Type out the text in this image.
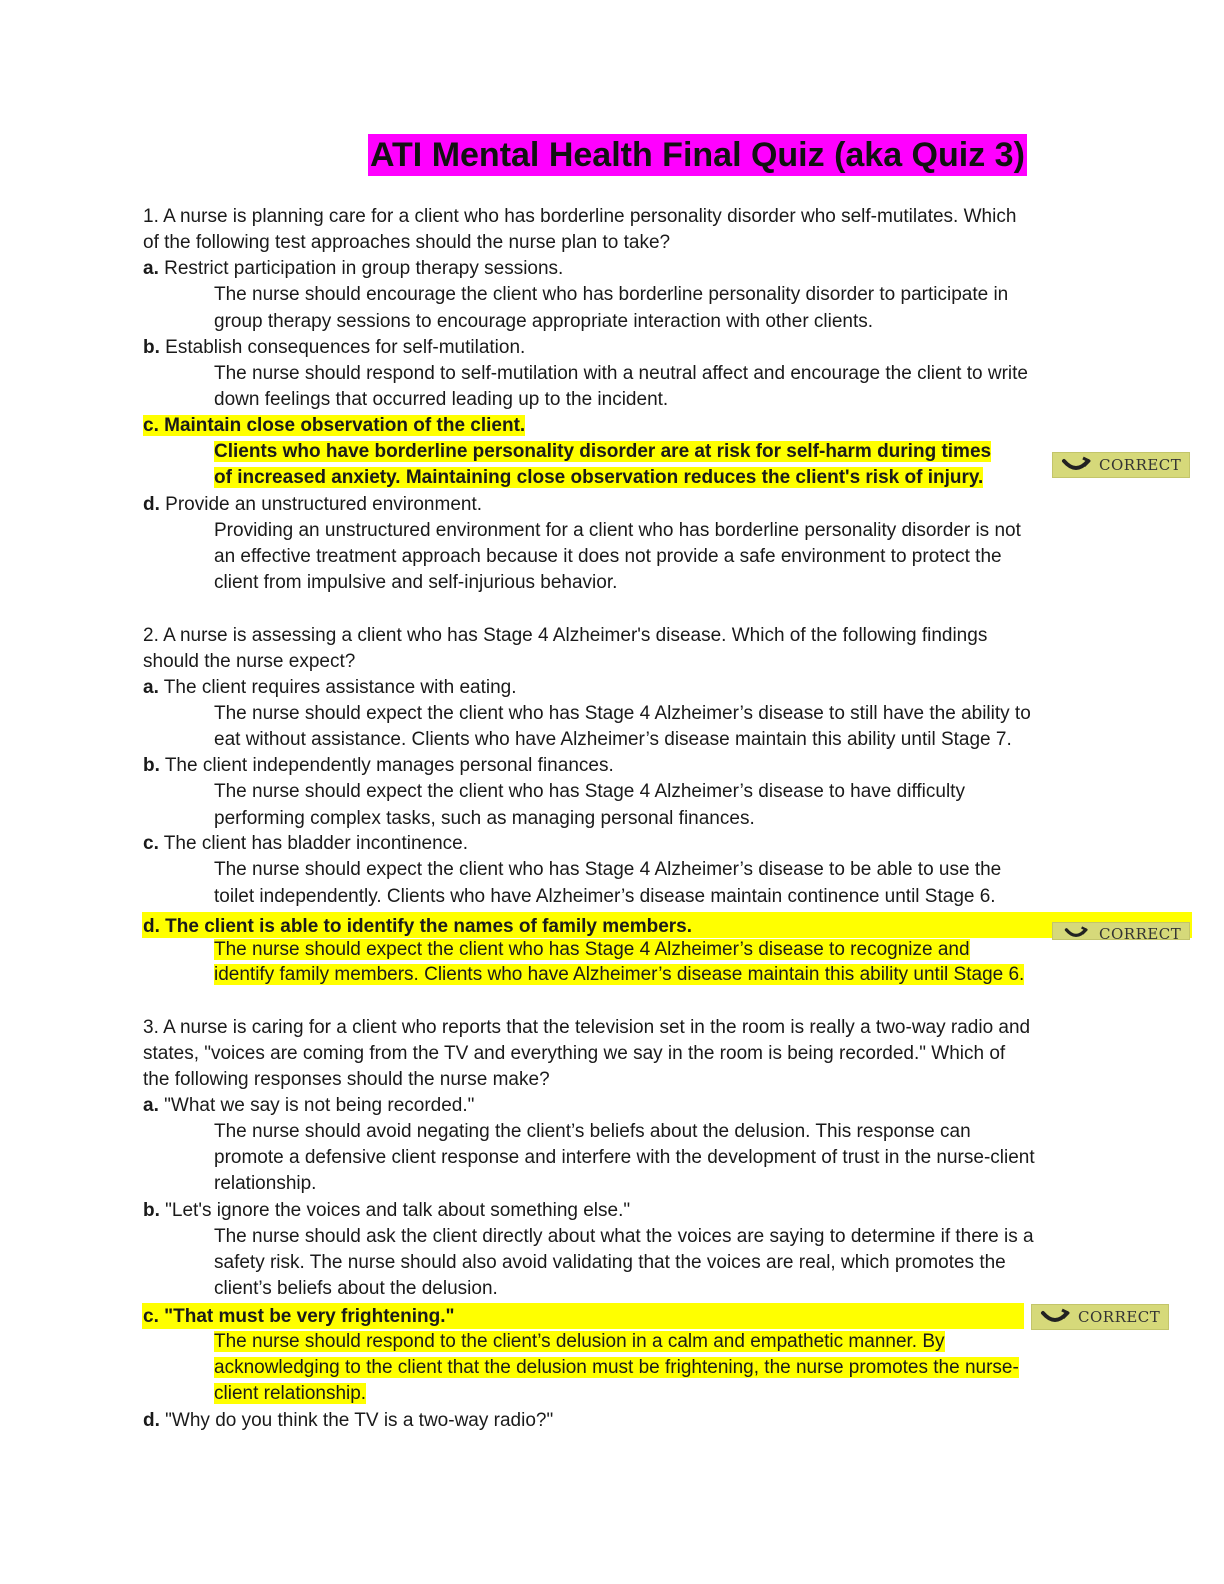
ATI Mental Health Final Quiz (aka Quiz 3)
1. A nurse is planning care for a client who has borderline personality disorder who self-mutilates. Which
of the following test approaches should the nurse plan to take?
a. Restrict participation in group therapy sessions.
The nurse should encourage the client who has borderline personality disorder to participate in
group therapy sessions to encourage appropriate interaction with other clients.
b. Establish consequences for self-mutilation.
The nurse should respond to self-mutilation with a neutral affect and encourage the client to write
down feelings that occurred leading up to the incident.
c. Maintain close observation of the client.
Clients who have borderline personality disorder are at risk for self-harm during times
of increased anxiety. Maintaining close observation reduces the client's risk of injury.
CORRECT
d. Provide an unstructured environment.
Providing an unstructured environment for a client who has borderline personality disorder is not
an effective treatment approach because it does not provide a safe environment to protect the
client from impulsive and self-injurious behavior.
2. A nurse is assessing a client who has Stage 4 Alzheimer's disease. Which of the following findings
should the nurse expect?
a. The client requires assistance with eating.
The nurse should expect the client who has Stage 4 Alzheimer’s disease to still have the ability to
eat without assistance. Clients who have Alzheimer’s disease maintain this ability until Stage 7.
b. The client independently manages personal finances.
The nurse should expect the client who has Stage 4 Alzheimer’s disease to have difficulty
performing complex tasks, such as managing personal finances.
c. The client has bladder incontinence.
The nurse should expect the client who has Stage 4 Alzheimer’s disease to be able to use the
toilet independently. Clients who have Alzheimer’s disease maintain continence until Stage 6.
d. The client is able to identify the names of family members.
The nurse should expect the client who has Stage 4 Alzheimer’s disease to recognize and
identify family members. Clients who have Alzheimer’s disease maintain this ability until Stage 6.
CORRECT
3. A nurse is caring for a client who reports that the television set in the room is really a two-way radio and
states, "voices are coming from the TV and everything we say in the room is being recorded." Which of
the following responses should the nurse make?
a. "What we say is not being recorded."
The nurse should avoid negating the client’s beliefs about the delusion. This response can
promote a defensive client response and interfere with the development of trust in the nurse-client
relationship.
b. "Let's ignore the voices and talk about something else."
The nurse should ask the client directly about what the voices are saying to determine if there is a
safety risk. The nurse should also avoid validating that the voices are real, which promotes the
client’s beliefs about the delusion.
c. "That must be very frightening."
The nurse should respond to the client’s delusion in a calm and empathetic manner. By
acknowledging to the client that the delusion must be frightening, the nurse promotes the nurse-
client relationship.
CORRECT
d. "Why do you think the TV is a two-way radio?"
